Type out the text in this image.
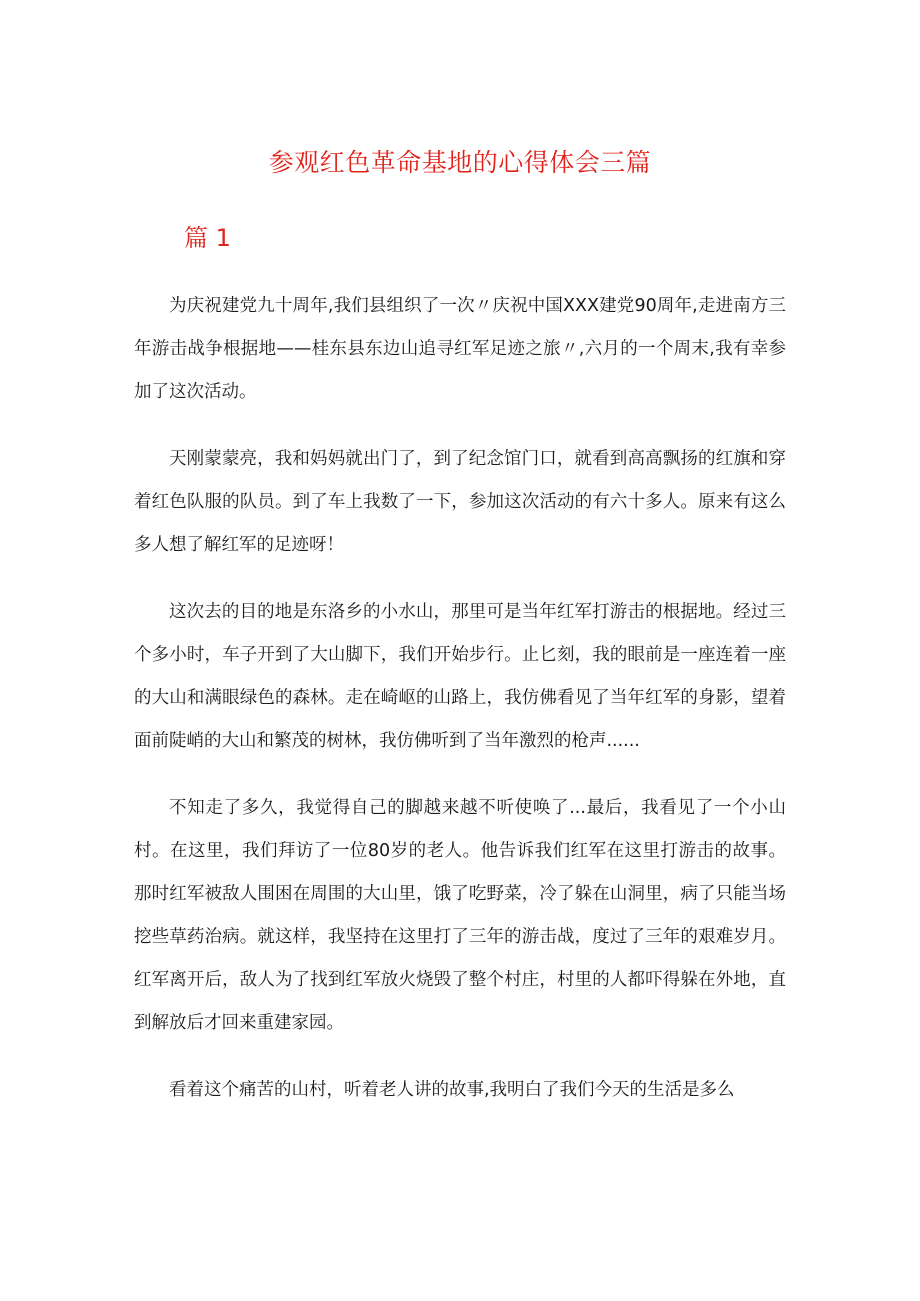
参观红色革命基地的心得体会三篇
篇 1

为庆祝建党九十周年,我们县组织了一次〃庆祝中国XXX建党90周年,走进南方三年游击战争根据地——桂东县东边山追寻红军足迹之旅〃,六月的一个周末,我有幸参加了这次活动。

天刚蒙蒙亮，我和妈妈就出门了，到了纪念馆门口，就看到高高飘扬的红旗和穿着红色队服的队员。到了车上我数了一下，参加这次活动的有六十多人。原来有这么多人想了解红军的足迹呀！

这次去的目的地是东洛乡的小水山，那里可是当年红军打游击的根据地。经过三个多小时，车子开到了大山脚下，我们开始步行。止匕刻，我的眼前是一座连着一座的大山和满眼绿色的森林。走在崎岖的山路上，我仿佛看见了当年红军的身影，望着面前陡峭的大山和繁茂的树林，我仿佛听到了当年激烈的枪声......

不知走了多久，我觉得自己的脚越来越不听使唤了...最后，我看见了一个小山村。在这里，我们拜访了一位80岁的老人。他告诉我们红军在这里打游击的故事。那时红军被敌人围困在周围的大山里，饿了吃野菜，冷了躲在山洞里，病了只能当场挖些草药治病。就这样，我坚持在这里打了三年的游击战，度过了三年的艰难岁月。红军离开后，敌人为了找到红军放火烧毁了整个村庄，村里的人都吓得躲在外地，直到解放后才回来重建家园。

看着这个痛苦的山村，听着老人讲的故事,我明白了我们今天的生活是多么
